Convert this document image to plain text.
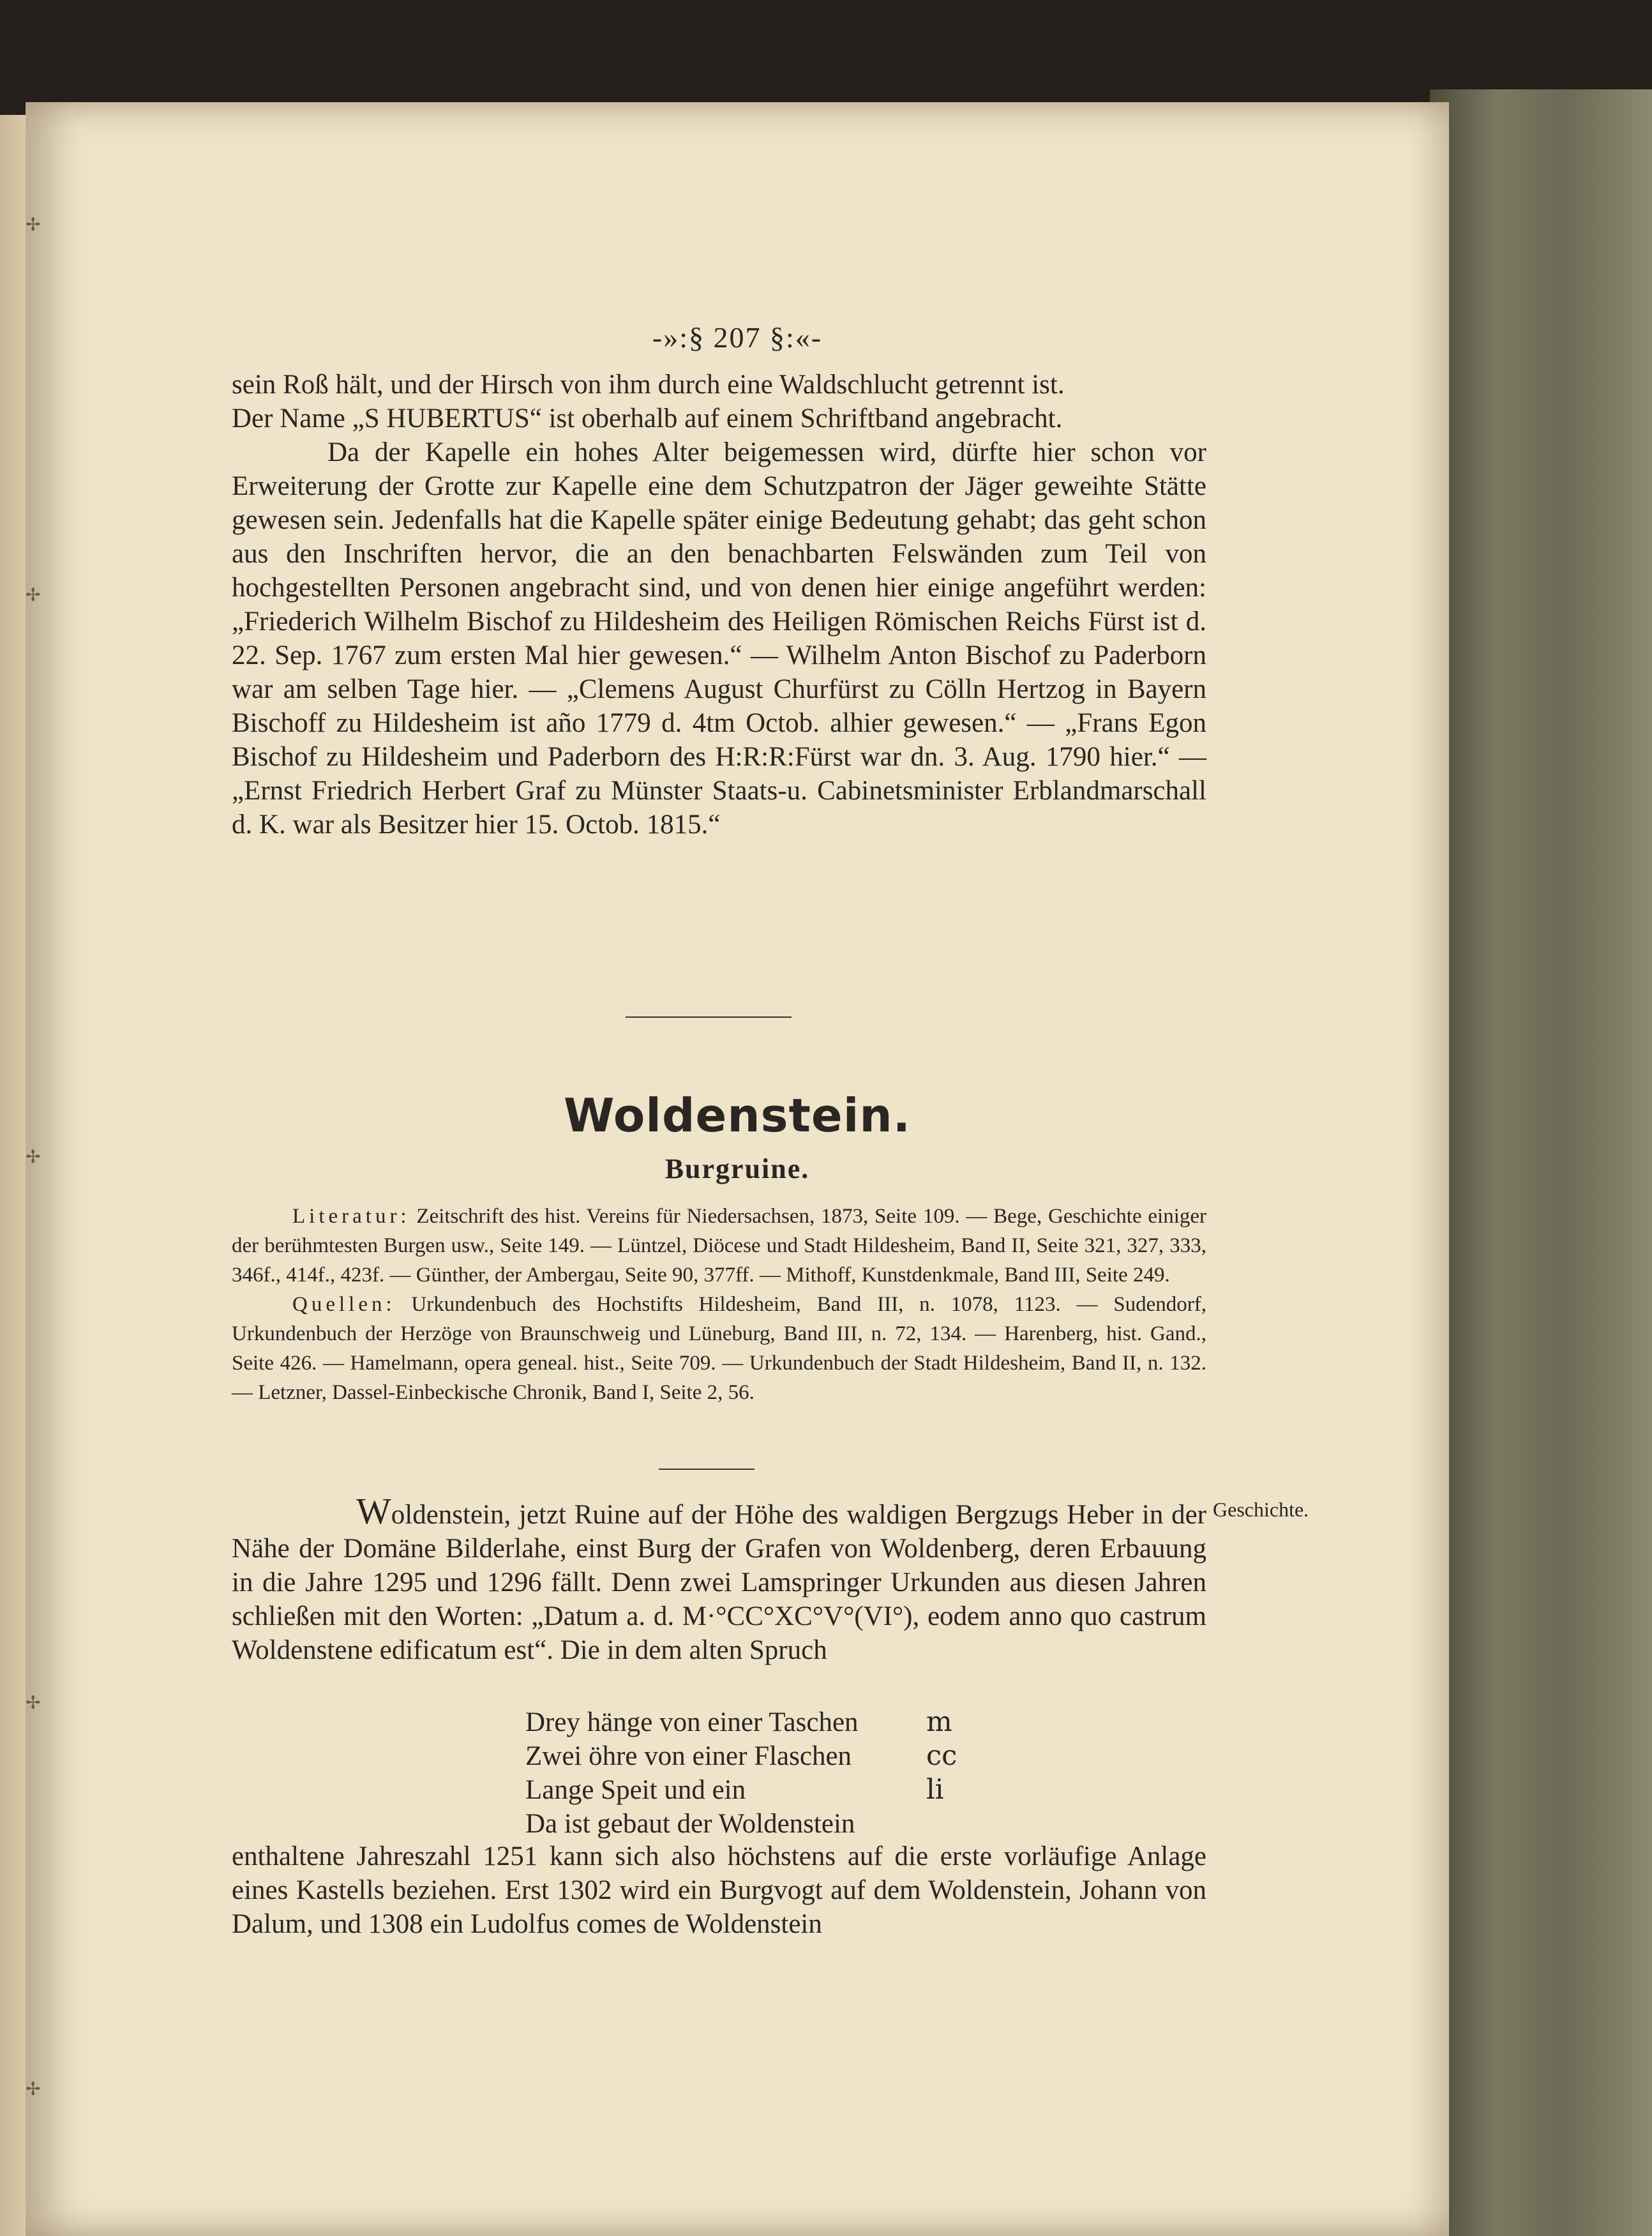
✢
✢
✢
✢
✢
-»:§ 207 §:«-

sein Roß hält, und der Hirsch von ihm durch eine Waldschlucht getrennt ist.

Der Name „S HUBERTUS“ ist oberhalb auf einem Schriftband angebracht.

Da der Kapelle ein hohes Alter beigemessen wird, dürfte hier schon vor Erweiterung der Grotte zur Kapelle eine dem Schutzpatron der Jäger geweihte Stätte gewesen sein. Jedenfalls hat die Kapelle später einige Bedeutung gehabt; das geht schon aus den Inschriften hervor, die an den benachbarten Felswänden zum Teil von hochgestellten Personen angebracht sind, und von denen hier einige angeführt werden: „Friederich Wilhelm Bischof zu Hildesheim des Heiligen Römischen Reichs Fürst ist d. 22. Sep. 1767 zum ersten Mal hier gewesen.“ — Wilhelm Anton Bischof zu Paderborn war am selben Tage hier. — „Clemens August Churfürst zu Cölln Hertzog in Bayern Bischoff zu Hildesheim ist año 1779 d. 4tm Octob. alhier gewesen.“ — „Frans Egon Bischof zu Hildesheim und Paderborn des H:R:R:Fürst war dn. 3. Aug. 1790 hier.“ — „Ernst Friedrich Herbert Graf zu Münster Staats-u. Cabinetsminister Erblandmarschall d. K. war als Besitzer hier 15. Octob. 1815.“

Woldenstein.
Burgruine.

Literatur: Zeitschrift des hist. Vereins für Niedersachsen, 1873, Seite 109. — Bege, Geschichte einiger der berühmtesten Burgen usw., Seite 149. — Lüntzel, Diöcese und Stadt Hildesheim, Band II, Seite 321, 327, 333, 346f., 414f., 423f. — Günther, der Ambergau, Seite 90, 377ff. — Mithoff, Kunstdenkmale, Band III, Seite 249.

Quellen: Urkundenbuch des Hochstifts Hildesheim, Band III, n. 1078, 1123. — Sudendorf, Urkundenbuch der Herzöge von Braunschweig und Lüneburg, Band III, n. 72, 134. — Harenberg, hist. Gand., Seite 426. — Hamelmann, opera geneal. hist., Seite 709. — Urkundenbuch der Stadt Hildesheim, Band II, n. 132. — Letzner, Dassel-Einbeckische Chronik, Band I, Seite 2, 56.

Geschichte.

Woldenstein, jetzt Ruine auf der Höhe des waldigen Bergzugs Heber in der Nähe der Domäne Bilderlahe, einst Burg der Grafen von Woldenberg, deren Erbauung in die Jahre 1295 und 1296 fällt. Denn zwei Lamspringer Urkunden aus diesen Jahren schließen mit den Worten: „Datum a. d. M·°CC°XC°V°(VI°), eodem anno quo castrum Woldenstene edificatum est“. Die in dem alten Spruch

Drey hänge von einer Taschen m
Zwei öhre von einer Flaschen	cc
Lange Speit und ein	li
Da ist gebaut der Woldenstein

enthaltene Jahreszahl 1251 kann sich also höchstens auf die erste vorläufige Anlage eines Kastells beziehen. Erst 1302 wird ein Burgvogt auf dem Woldenstein, Johann von Dalum, und 1308 ein Ludolfus comes de Woldenstein
